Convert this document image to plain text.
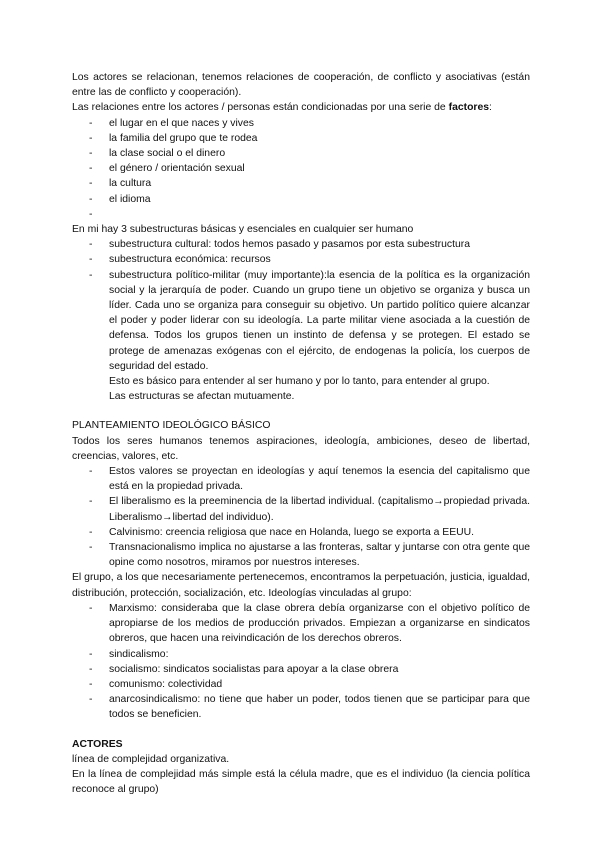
Los actores se relacionan, tenemos relaciones de cooperación, de conflicto y asociativas (están entre las de conflicto y cooperación).

Las relaciones entre los actores / personas están condicionadas por una serie de factores:

- el lugar en el que naces y vives
- la familia del grupo que te rodea
- la clase social o el dinero
- el género / orientación sexual
- la cultura
- el idioma
-

En mi hay 3 subestructuras básicas y esenciales en cualquier ser humano

- subestructura cultural: todos hemos pasado y pasamos por esta subestructura
- subestructura económica: recursos
- subestructura político-militar (muy importante):la esencia de la política es la organización social y la jerarquía de poder. Cuando un grupo tiene un objetivo se organiza y busca un líder. Cada uno se organiza para conseguir su objetivo. Un partido político quiere alcanzar el poder y poder liderar con su ideología. La parte militar viene asociada a la cuestión de defensa. Todos los grupos tienen un instinto de defensa y se protegen. El estado se protege de amenazas exógenas con el ejército, de endogenas la policía, los cuerpos de seguridad del estado.

Esto es básico para entender al ser humano y por lo tanto, para entender al grupo.

Las estructuras se afectan mutuamente.

PLANTEAMIENTO IDEOLÓGICO BÁSICO

Todos los seres humanos tenemos aspiraciones, ideología, ambiciones, deseo de libertad, creencias, valores, etc.

- Estos valores se proyectan en ideologías y aquí tenemos la esencia del capitalismo que está en la propiedad privada.
- El liberalismo es la preeminencia de la libertad individual. (capitalismo→propiedad privada. Liberalismo→libertad del individuo).
- Calvinismo: creencia religiosa que nace en Holanda, luego se exporta a EEUU.
- Transnacionalismo implica no ajustarse a las fronteras, saltar y juntarse con otra gente que opine como nosotros, miramos por nuestros intereses.

El grupo, a los que necesariamente pertenecemos, encontramos la perpetuación, justicia, igualdad, distribución, protección, socialización, etc. Ideologías vinculadas al grupo:

- Marxismo: consideraba que la clase obrera debía organizarse con el objetivo político de apropiarse de los medios de producción privados. Empiezan a organizarse en sindicatos obreros, que hacen una reivindicación de los derechos obreros.
- sindicalismo:
- socialismo: sindicatos socialistas para apoyar a la clase obrera
- comunismo: colectividad
- anarcosindicalismo: no tiene que haber un poder, todos tienen que se participar para que todos se beneficien.

ACTORES

línea de complejidad organizativa.

En la línea de complejidad más simple está la célula madre, que es el individuo (la ciencia política reconoce al grupo)
